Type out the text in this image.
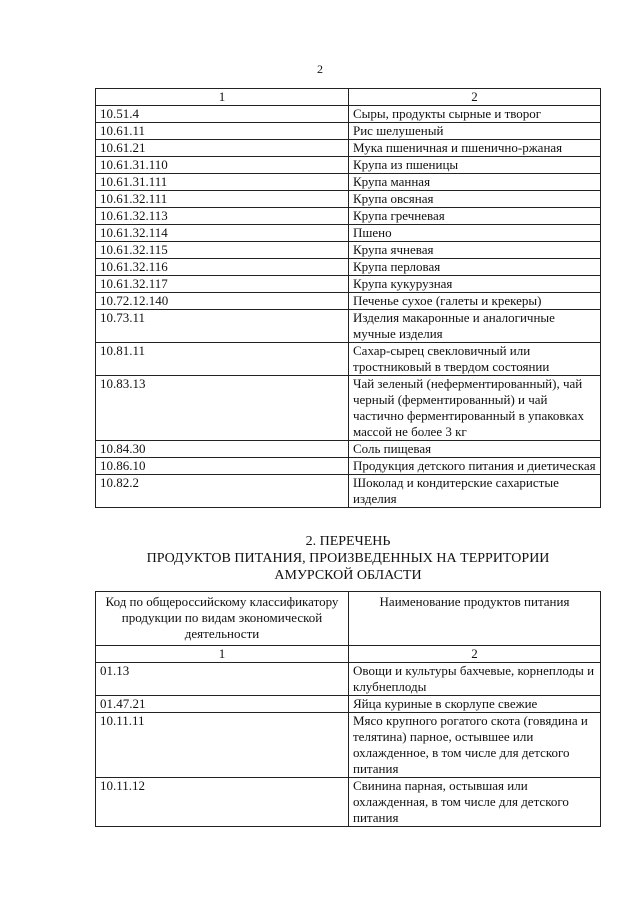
2
1	2
10.51.4	Сыры, продукты сырные и творог
10.61.11	Рис шелушеный
10.61.21	Мука пшеничная и пшенично-ржаная
10.61.31.110	Крупа из пшеницы
10.61.31.111	Крупа манная
10.61.32.111	Крупа овсяная
10.61.32.113	Крупа гречневая
10.61.32.114	Пшено
10.61.32.115	Крупа ячневая
10.61.32.116	Крупа перловая
10.61.32.117	Крупа кукурузная
10.72.12.140	Печенье сухое (галеты и крекеры)
10.73.11	Изделия макаронные и аналогичные мучные изделия
10.81.11	Сахар-сырец свекловичный или тростниковый в твердом состоянии
10.83.13	Чай зеленый (неферментированный), чай черный (ферментированный) и чай частично ферментированный в упаковках массой не более 3 кг
10.84.30	Соль пищевая
10.86.10	Продукция детского питания и диетическая
10.82.2	Шоколад и кондитерские сахаристые изделия
2. ПЕРЕЧЕНЬ
ПРОДУКТОВ ПИТАНИЯ, ПРОИЗВЕДЕННЫХ НА ТЕРРИТОРИИ
АМУРСКОЙ ОБЛАСТИ
Код по общероссийскому классификатору продукции по видам экономической деятельности	Наименование продуктов питания
1	2
01.13	Овощи и культуры бахчевые, корнеплоды и клубнеплоды
01.47.21	Яйца куриные в скорлупе свежие
10.11.11	Мясо крупного рогатого скота (говядина и телятина) парное, остывшее или охлажденное, в том числе для детского питания
10.11.12	Свинина парная, остывшая или охлажденная, в том числе для детского питания
